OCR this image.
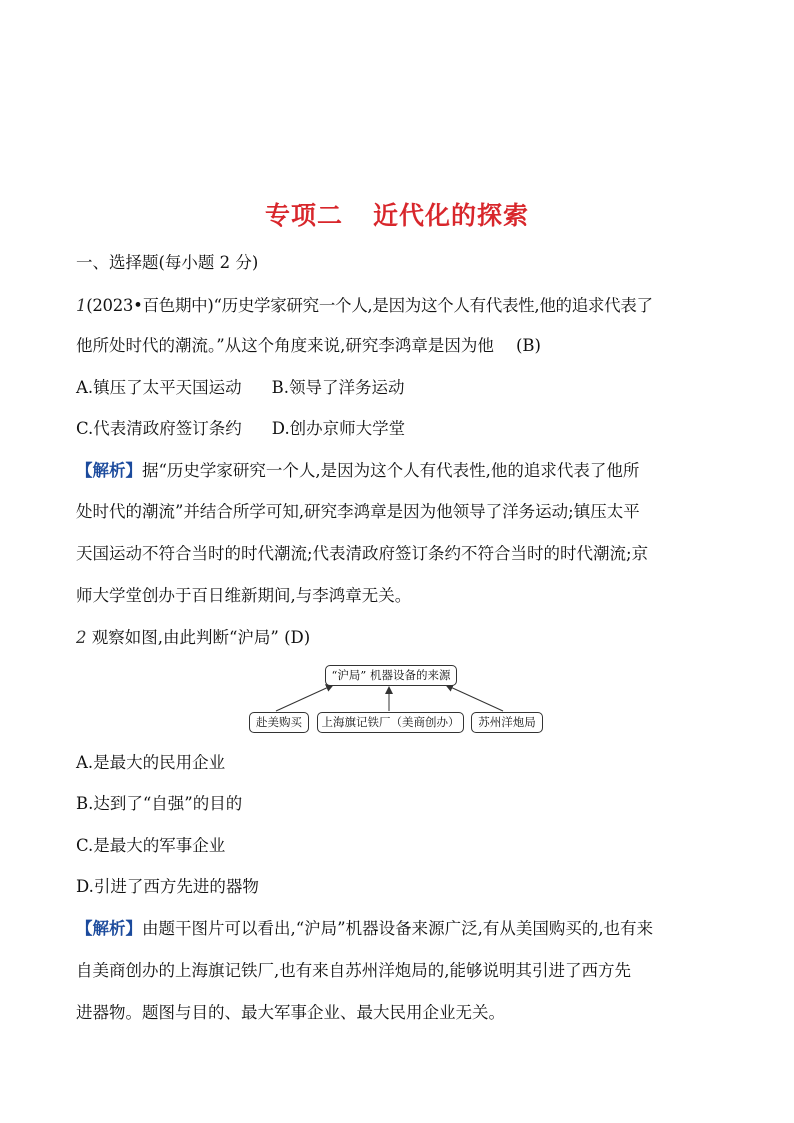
专项二 近代化的探索
一、选择题(每小题 2 分)
1(2023•百色期中)“历史学家研究一个人,是因为这个人有代表性,他的追求代表了
他所处时代的潮流。”从这个角度来说,研究李鸿章是因为他 (B)
A.镇压了太平天国运动 B.领导了洋务运动
C.代表清政府签订条约 D.创办京师大学堂
【解析】据“历史学家研究一个人,是因为这个人有代表性,他的追求代表了他所
处时代的潮流”并结合所学可知,研究李鸿章是因为他领导了洋务运动;镇压太平
天国运动不符合当时的时代潮流;代表清政府签订条约不符合当时的时代潮流;京
师大学堂创办于百日维新期间,与李鸿章无关。
2 观察如图,由此判断“沪局” (D)
“沪局” 机器设备的来源
赴美购买	上海旗记铁厂（美商创办）	苏州洋炮局
A.是最大的民用企业
B.达到了“自强”的目的
C.是最大的军事企业
D.引进了西方先进的器物
【解析】由题干图片可以看出,“沪局”机器设备来源广泛,有从美国购买的,也有来
自美商创办的上海旗记铁厂,也有来自苏州洋炮局的,能够说明其引进了西方先
进器物。题图与目的、最大军事企业、最大民用企业无关。
